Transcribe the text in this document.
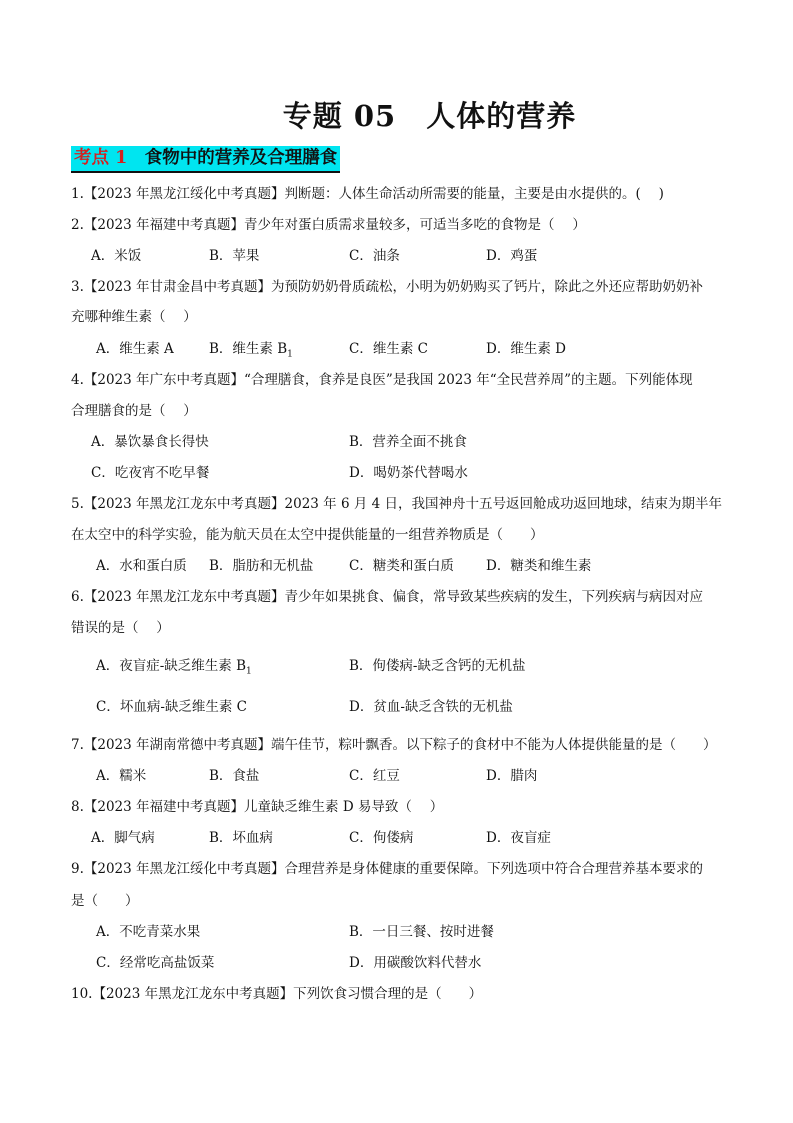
专题 05　人体的营养
考点 1　 食物中的营养及合理膳食
1.【2023 年黑龙江绥化中考真题】判断题：人体生命活动所需要的能量，主要是由水提供的。(　 )
2.【2023 年福建中考真题】青少年对蛋白质需求量较多，可适当多吃的食物是（　 ）
A．米饭	B．苹果	C．油条	D．鸡蛋
3.【2023 年甘肃金昌中考真题】为预防奶奶骨质疏松，小明为奶奶购买了钙片，除此之外还应帮助奶奶补
充哪种维生素（　 ）
A．维生素 A	B．维生素 $B_1$	C．维生素 C	D．维生素 D
4.【2023 年广东中考真题】“合理膳食，食养是良医”是我国 2023 年“全民营养周”的主题。下列能体现
合理膳食的是（　 ）
A．暴饮暴食长得快	B．营养全面不挑食
C．吃夜宵不吃早餐	D．喝奶茶代替喝水
5.【2023 年黑龙江龙东中考真题】2023 年 6 月 4 日，我国神舟十五号返回舱成功返回地球，结束为期半年
在太空中的科学实验，能为航天员在太空中提供能量的一组营养物质是（　　）
A．水和蛋白质 B．脂肪和无机盐	C．糖类和蛋白质 D．糖类和维生素
6.【2023 年黑龙江龙东中考真题】青少年如果挑食、偏食，常导致某些疾病的发生，下列疾病与病因对应
错误的是（　 ）
A．夜盲症-缺乏维生素 $B_1$	B．佝偻病-缺乏含钙的无机盐
C．坏血病-缺乏维生素 C	D．贫血-缺乏含铁的无机盐
7.【2023 年湖南常德中考真题】端午佳节，粽叶飘香。以下粽子的食材中不能为人体提供能量的是（　　）
A．糯米	B．食盐	C．红豆	D．腊肉
8.【2023 年福建中考真题】儿童缺乏维生素 D 易导致（　 ）
A．脚气病	B．坏血病	C．佝偻病	D．夜盲症
9.【2023 年黑龙江绥化中考真题】合理营养是身体健康的重要保障。下列选项中符合合理营养基本要求的
是（　　）
A．不吃青菜水果	B．一日三餐、按时进餐
C．经常吃高盐饭菜	D．用碳酸饮料代替水
10.【2023 年黑龙江龙东中考真题】下列饮食习惯合理的是（　　）
